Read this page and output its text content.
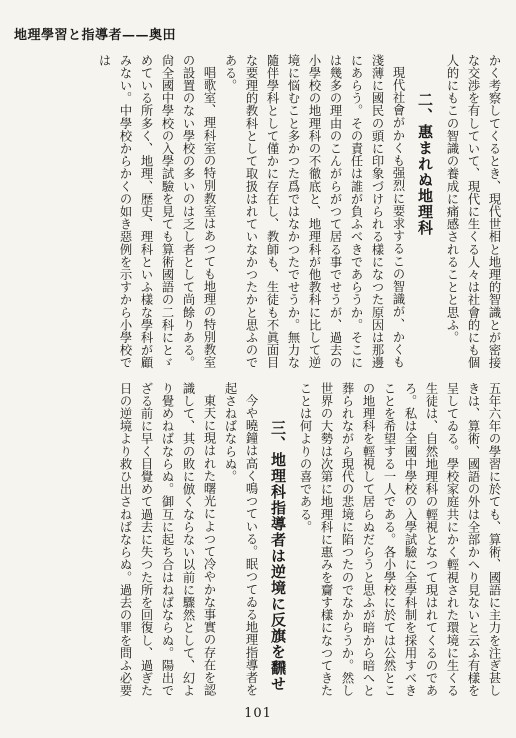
地理學習と指導者——奥田

かく考察してくるとき、現代世相と地理的智識とが密接な交渉を有していて、現代に生くる人々は社會的にも個人的にもこの智識の養成に痛感されることと思ふ。

二、惠まれぬ地理科

現代社會がかくも强烈に要求するこの智識が、かくも淺薄に國民の頭に印象づけられる樣になつた原因は那邊にあらう。その責任は誰が負ふべきであらうか。そこには幾多の理由のこんがらがつて居る事でせうが、過去の小學校の地理科の不徹底と、地理科が他教科に比して逆境に悩むこと多かつた爲ではなかつたでせうか。無力な隨伴學科として僅かに存在し、教師も、生徒も不眞面目な要理的教科として取扱はれていなかつたかと思ふのである。

唱歌室、理科室の特別教室はあつても地理の特別教室の設置のない學校の多いのは乏し者として尚餘りある。尙全國中學校の入學試驗を見ても算術國語の二科にとゞめている所多く、地理、歴史、理科といふ樣な學科が顧みない。中學校からかくの如き惡例を示すから小學校では

五年六年の學習に於ても、算術、國語に主力を注ぎ甚しきは、算術、國語の外は全部かへり見ないと云ふ有樣を呈してゐる。學校家庭共にかく輕視された環境に生くる生徒は、自然地理科の輕視となつて現はれてくるのであろ。私は全國中學校の入學試驗に全學科制を採用すべきことを希望する一人である。各小學校に於ては公然とこの地理科を輕視して居らぬだらうと思ふが暗から暗へと葬られながら現代の悲境に陷つたのでなからうか。然し世界の大勢は次第に地理科に惠みを齎す樣になつてきたことは何よりの喜である。

三、地理科指導者は逆境に反旗を飜せ

今や曉鐘は高く鳴つている。眠つてゐる地理指導者を起さねばならぬ。

東天に現はれた曙光によつて冷やかな事實の存在を認識して、其の敗に倣くならない以前に驟然として、幻より覺めねばならぬ。御互に起ち合はねばならぬ。陽出でざる前に早く目覺めて過去に失つた所を回復し、過ぎた日の逆境より救ひ出さねばならぬ。過去の罪を問ふ必要

101
